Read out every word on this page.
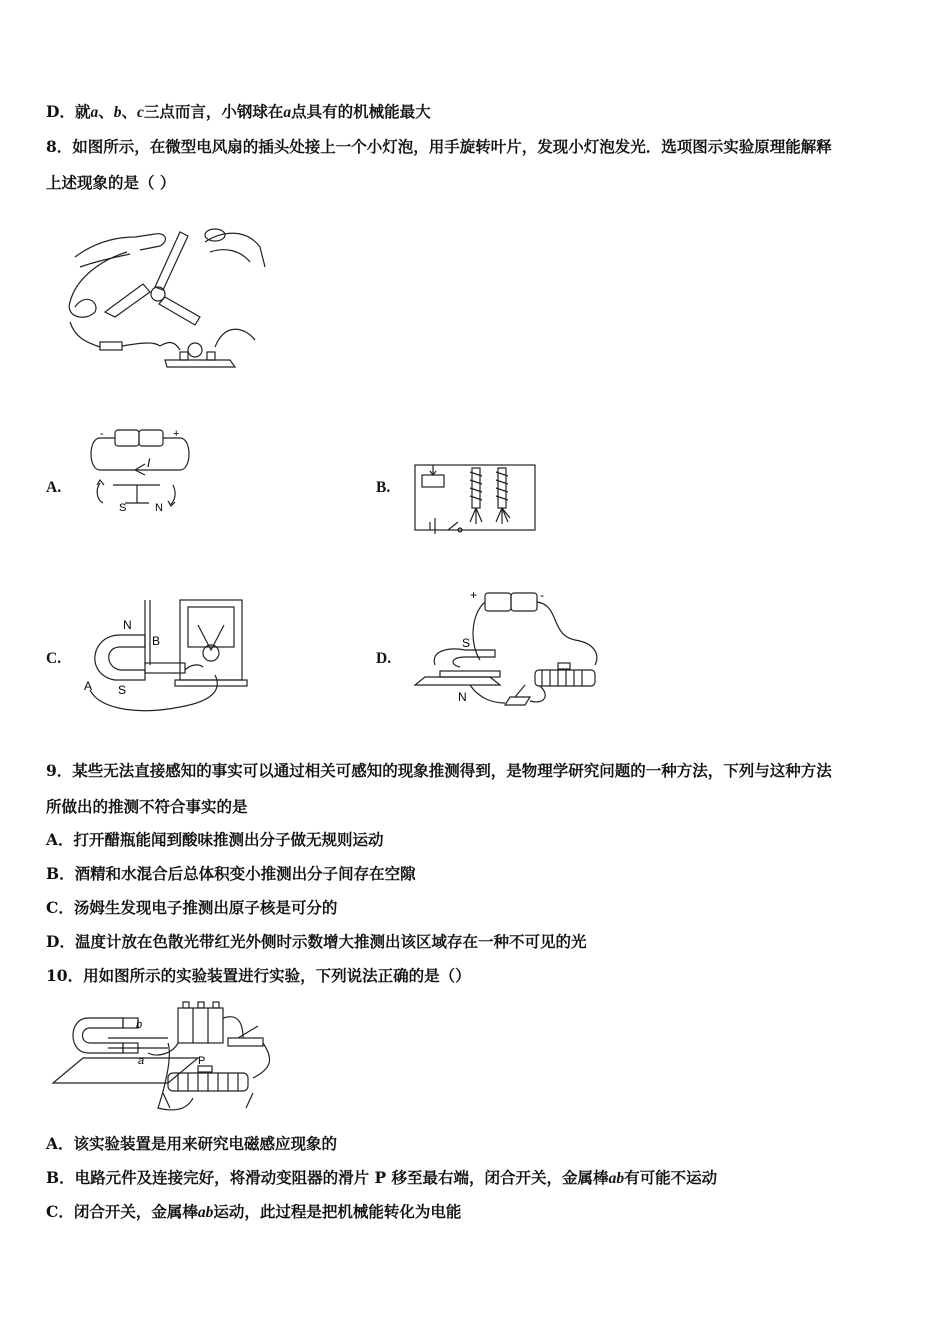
D．就a、b、c三点而言，小钢球在a点具有的机械能最大
8．如图所示，在微型电风扇的插头处接上一个小灯泡，用手旋转叶片，发现小灯泡发光．选项图示实验原理能解释
上述现象的是（ ）
A.	B.
C.	D.
-	+
I
S	N
N
S
A
B
+	-
S
N
9．某些无法直接感知的事实可以通过相关可感知的现象推测得到，是物理学研究问题的一种方法，下列与这种方法
所做出的推测不符合事实的是
A．打开醋瓶能闻到酸味推测出分子做无规则运动
B．酒精和水混合后总体积变小推测出分子间存在空隙
C．汤姆生发现电子推测出原子核是可分的
D．温度计放在色散光带红光外侧时示数增大推测出该区域存在一种不可见的光
10．用如图所示的实验装置进行实验，下列说法正确的是（）
a
b
P
A．该实验装置是用来研究电磁感应现象的
B．电路元件及连接完好，将滑动变阻器的滑片 P 移至最右端，闭合开关，金属棒ab有可能不运动
C．闭合开关，金属棒ab运动，此过程是把机械能转化为电能
